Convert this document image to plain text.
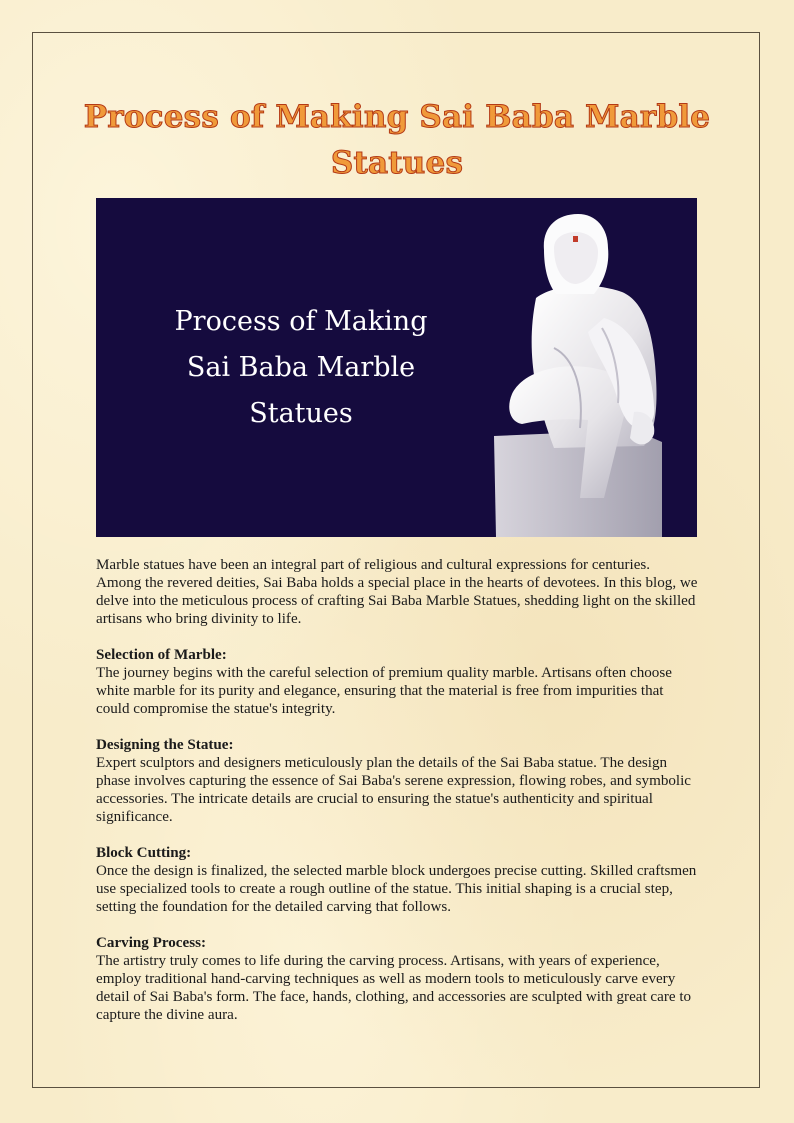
Process of Making Sai Baba Marble Statues
Process of Making
Sai Baba Marble
Statues

Marble statues have been an integral part of religious and cultural expressions for centuries. Among the revered deities, Sai Baba holds a special place in the hearts of devotees. In this blog, we delve into the meticulous process of crafting Sai Baba Marble Statues, shedding light on the skilled artisans who bring divinity to life.

Selection of Marble:

The journey begins with the careful selection of premium quality marble. Artisans often choose white marble for its purity and elegance, ensuring that the material is free from impurities that could compromise the statue's integrity.

Designing the Statue:

Expert sculptors and designers meticulously plan the details of the Sai Baba statue. The design phase involves capturing the essence of Sai Baba's serene expression, flowing robes, and symbolic accessories. The intricate details are crucial to ensuring the statue's authenticity and spiritual significance.

Block Cutting:

Once the design is finalized, the selected marble block undergoes precise cutting. Skilled craftsmen use specialized tools to create a rough outline of the statue. This initial shaping is a crucial step, setting the foundation for the detailed carving that follows.

Carving Process:

The artistry truly comes to life during the carving process. Artisans, with years of experience, employ traditional hand-carving techniques as well as modern tools to meticulously carve every detail of Sai Baba's form. The face, hands, clothing, and accessories are sculpted with great care to capture the divine aura.
